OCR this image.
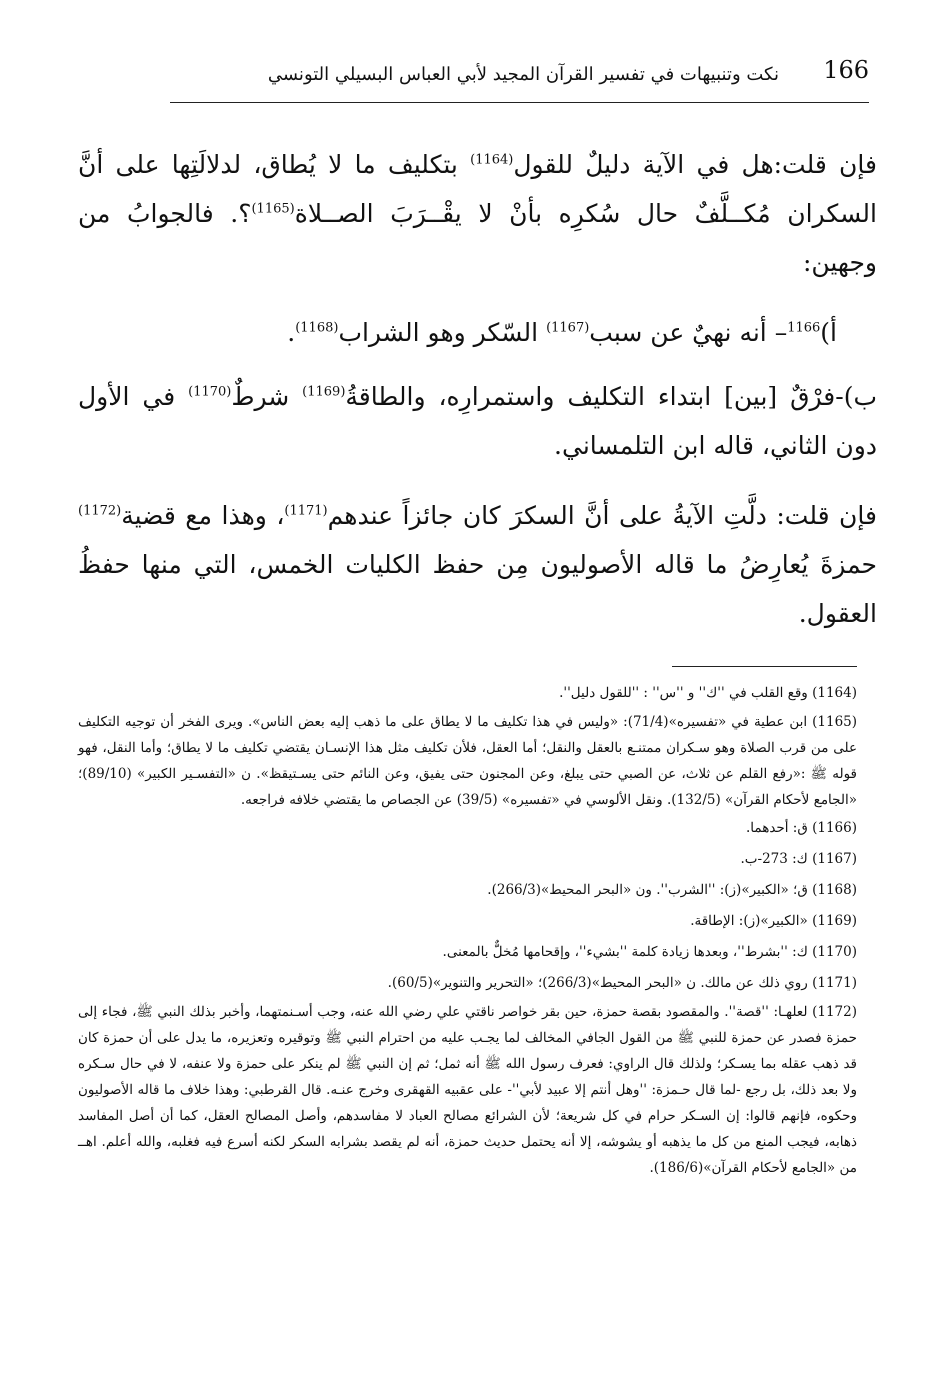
166
نكت وتنبيهات في تفسير القرآن المجيد لأبي العباس البسيلي التونسي

فإن قلت:هل في الآية دليلٌ للقول$^{(1164)}$ بتكليف ما لا يُطاق، لدلالَتِها على أنَّ السكران مُكــلَّفٌ حال سُكرِه بأنْ لا يقْــرَبَ الصــلاة$^{(1165)}$؟. فالجوابُ من وجهين:

أ)$^{1166}$– أنه نهيٌ عن سبب$^{(1167)}$ السّكر وهو الشراب$^{(1168)}$.

ب)-فرْقٌ [بين] ابتداء التكليف واستمرارِه، والطاقةُ$^{(1169)}$ شرطٌ$^{(1170)}$ في الأول دون الثاني، قاله ابن التلمساني.

فإن قلت: دلَّتِ الآيةُ على أنَّ السكرَ كان جائزاً عندهم$^{(1171)}$، وهذا مع قضية$^{(1172)}$ حمزةَ يُعارِضُ ما قاله الأصوليون مِن حفظ الكليات الخمس، التي منها حفظُ العقول.

(1164) وقع القلب في ''ك'' و ''س'' : ''للقول دليل''.

(1165) ابن عطية في «تفسيره»(71/4): «وليس في هذا تكليف ما لا يطاق على ما ذهب إليه بعض الناس». ويرى الفخر أن توجيه التكليف على من قرب الصلاة وهو سـكران ممتنـع بالعقل والنقل؛ أما العقل، فلأن تكليف مثل هذا الإنسـان يقتضي تكليف ما لا يطاق؛ وأما النقل، فهو قوله ﷺ :«رفع القلم عن ثلاث، عن الصبي حتى يبلغ، وعن المجنون حتى يفيق، وعن النائم حتى يسـتيقظ». ن «التفسـير الكبير» (89/10)؛ «الجامع لأحكام القرآن» (132/5). ونقل الألوسي في «تفسيره» (39/5) عن الجصاص ما يقتضي خلافه فراجعه.

(1166) ق: أحدهما.

(1167) ك: 273-ب.

(1168) ق؛ «الكبير»(ز): ''الشرب''. ون «البحر المحيط»(266/3).

(1169) «الكبير»(ز): الإطاقة.

(1170) ك: ''بشرط''، وبعدها زيادة كلمة ''بشيء''، وإقحامها مُخلٌّ بالمعنى.

(1171) روي ذلك عن مالك. ن «البحر المحيط»(266/3)؛ «التحرير والتنوير»(60/5).

(1172) لعلهـا: ''قصة''. والمقصود بقصة حمزة، حين بقر خواصر ناقتي علي رضي الله عنه، وجب أسـنمتهما، وأخبر بذلك النبي ﷺ، فجاء إلى حمزة فصدر عن حمزة للنبي ﷺ من القول الجافي المخالف لما يجـب عليه من احترام النبي ﷺ وتوقيره وتعزيره، ما يدل على أن حمزة كان قد ذهب عقله بما يسـكر؛ ولذلك قال الراوي: فعرف رسول الله ﷺ أنه ثمل؛ ثم إن النبي ﷺ لم ينكر على حمزة ولا عنفه، لا في حال سـكره ولا بعد ذلك، بل رجع -لما قال حـمزة: ''وهل أنتم إلا عبيد لأبي''- على عقبيه القهقرى وخرج عنـه. قال القرطبي: وهذا خلاف ما قاله الأصوليون وحكوه، فإنهم قالوا: إن السـكر حرام في كل شريعة؛ لأن الشرائع مصالح العباد لا مفاسدهم، وأصل المصالح العقل، كما أن أصل المفاسد ذهابه، فيجب المنع من كل ما يذهبه أو يشوشه، إلا أنه يحتمل حديث حمزة، أنه لم يقصد بشرابه السكر لكنه أسرع فيه فغلبه، والله أعلم. اهــ من «الجامع لأحكام القرآن»(186/6).
